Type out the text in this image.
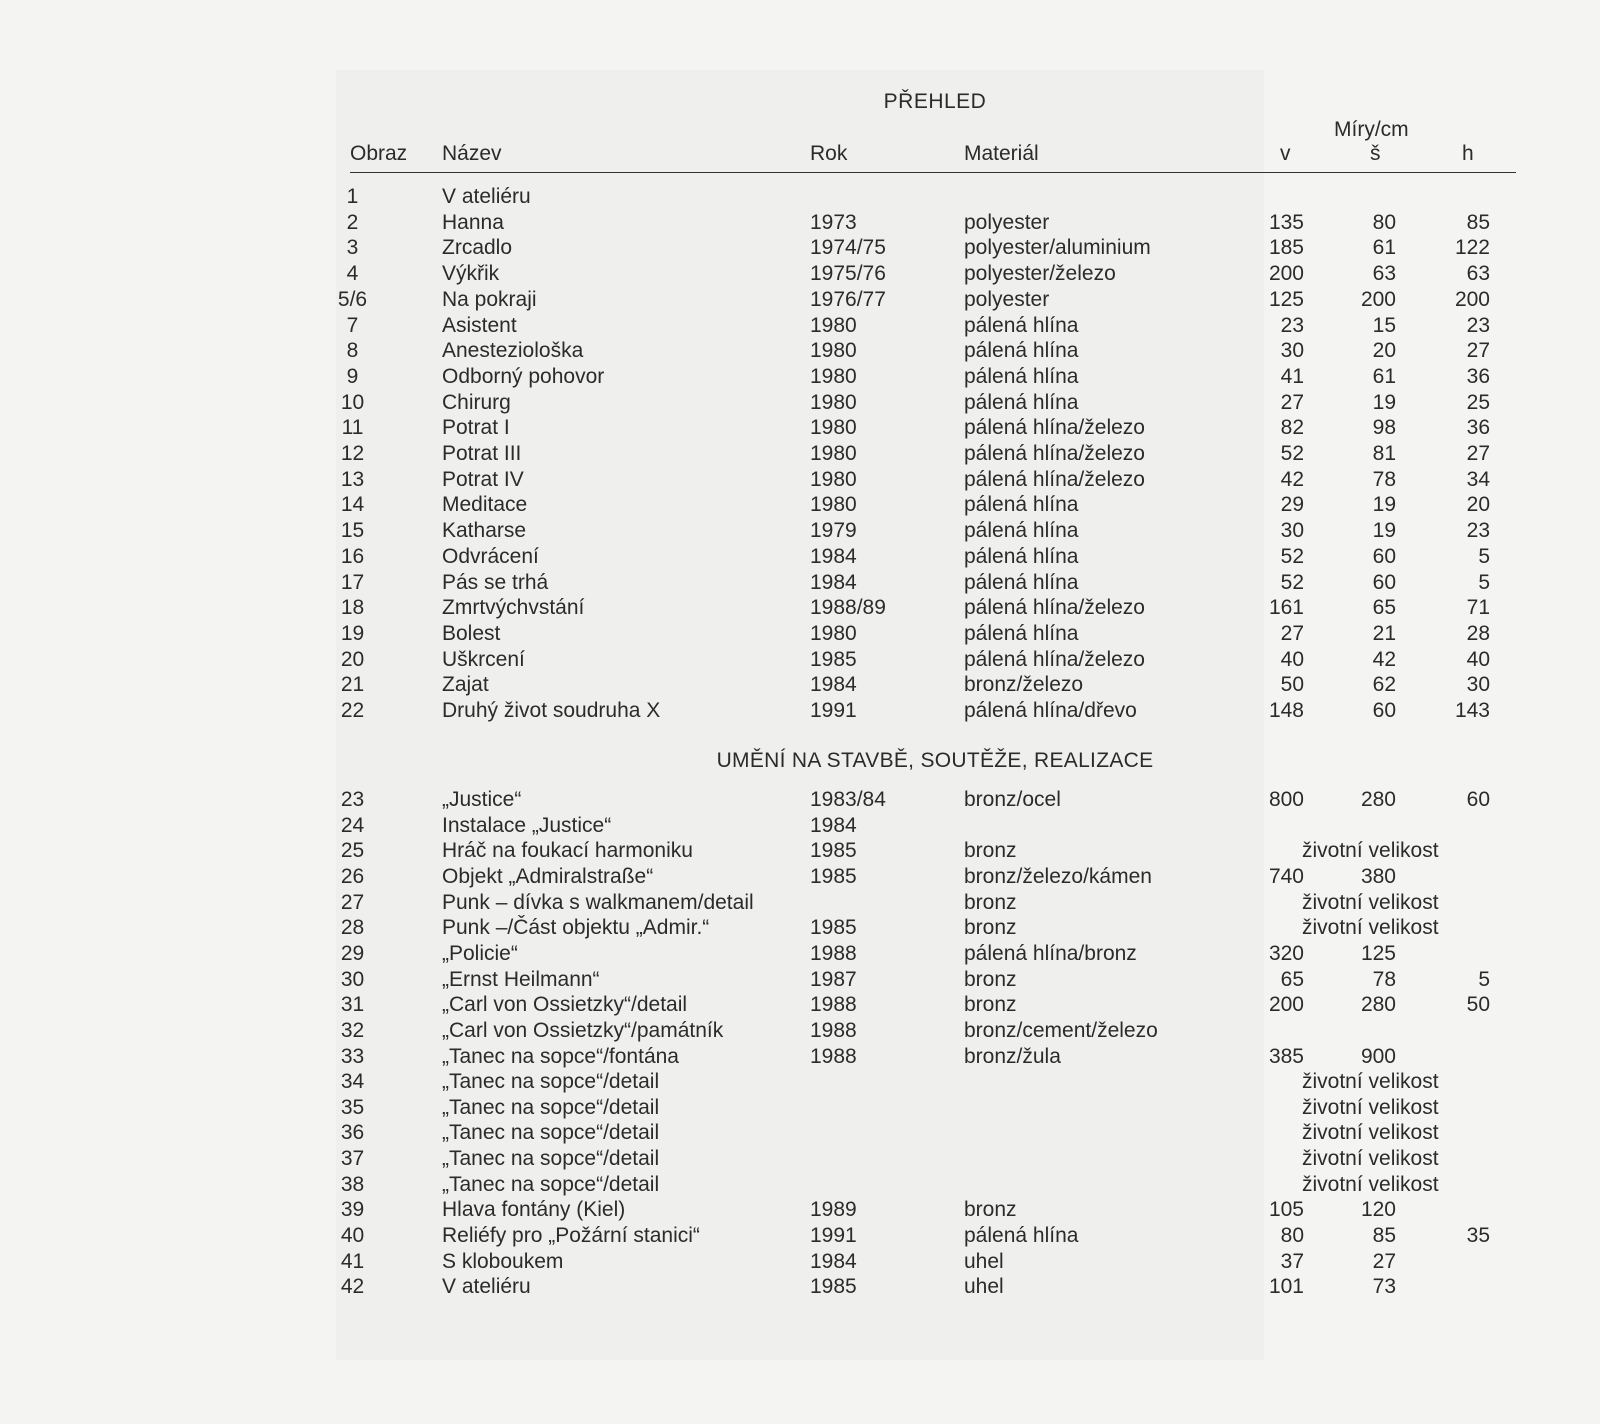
PŘEHLED
Míry/cm
Obraz Název	Rok	Materiál	v	š	h
1	V ateliéru
2	Hanna	1973	polyester	135	80	85
3	Zrcadlo	1974/75	polyester/aluminium	185	61	122
4	Výkřik	1975/76	polyester/železo	200	63	63
5/6	Na pokraji	1976/77	polyester	125	200	200
7	Asistent	1980	pálená hlína	23	15	23
8	Anesteziološka	1980	pálená hlína	30	20	27
9	Odborný pohovor	1980	pálená hlína	41	61	36
10	Chirurg	1980	pálená hlína	27	19	25
11	Potrat I	1980	pálená hlína/železo	82	98	36
12	Potrat III	1980	pálená hlína/železo	52	81	27
13	Potrat IV	1980	pálená hlína/železo	42	78	34
14	Meditace	1980	pálená hlína	29	19	20
15	Katharse	1979	pálená hlína	30	19	23
16	Odvrácení	1984	pálená hlína	52	60	5
17	Pás se trhá	1984	pálená hlína	52	60	5
18	Zmrtvýchvstání	1988/89	pálená hlína/železo	161	65	71
19	Bolest	1980	pálená hlína	27	21	28
20	Uškrcení	1985	pálená hlína/železo	40	42	40
21	Zajat	1984	bronz/železo	50	62	30
22	Druhý život soudruha X	1991	pálená hlína/dřevo	148	60	143
UMĚNÍ NA STAVBĚ, SOUTĚŽE, REALIZACE
23	„Justice“	1983/84	bronz/ocel	800	280	60
24	Instalace „Justice“	1984
25	Hráč na foukací harmoniku	1985	bronz	životní velikost
26	Objekt „Admiralstraße“	1985	bronz/železo/kámen	740	380
27	Punk – dívka s walkmanem/detail	bronz	životní velikost
28	Punk –/Část objektu „Admir.“	1985	bronz	životní velikost
29	„Policie“	1988	pálená hlína/bronz	320	125
30	„Ernst Heilmann“	1987	bronz	65	78	5
31	„Carl von Ossietzky“/detail	1988	bronz	200	280	50
32	„Carl von Ossietzky“/památník	1988	bronz/cement/železo
33	„Tanec na sopce“/fontána	1988	bronz/žula	385	900
34	„Tanec na sopce“/detail	životní velikost
35	„Tanec na sopce“/detail	životní velikost
36	„Tanec na sopce“/detail	životní velikost
37	„Tanec na sopce“/detail	životní velikost
38	„Tanec na sopce“/detail	životní velikost
39	Hlava fontány (Kiel)	1989	bronz	105	120
40	Reliéfy pro „Požární stanici“	1991	pálená hlína	80	85	35
41	S kloboukem	1984	uhel	37	27
42	V ateliéru	1985	uhel	101	73
